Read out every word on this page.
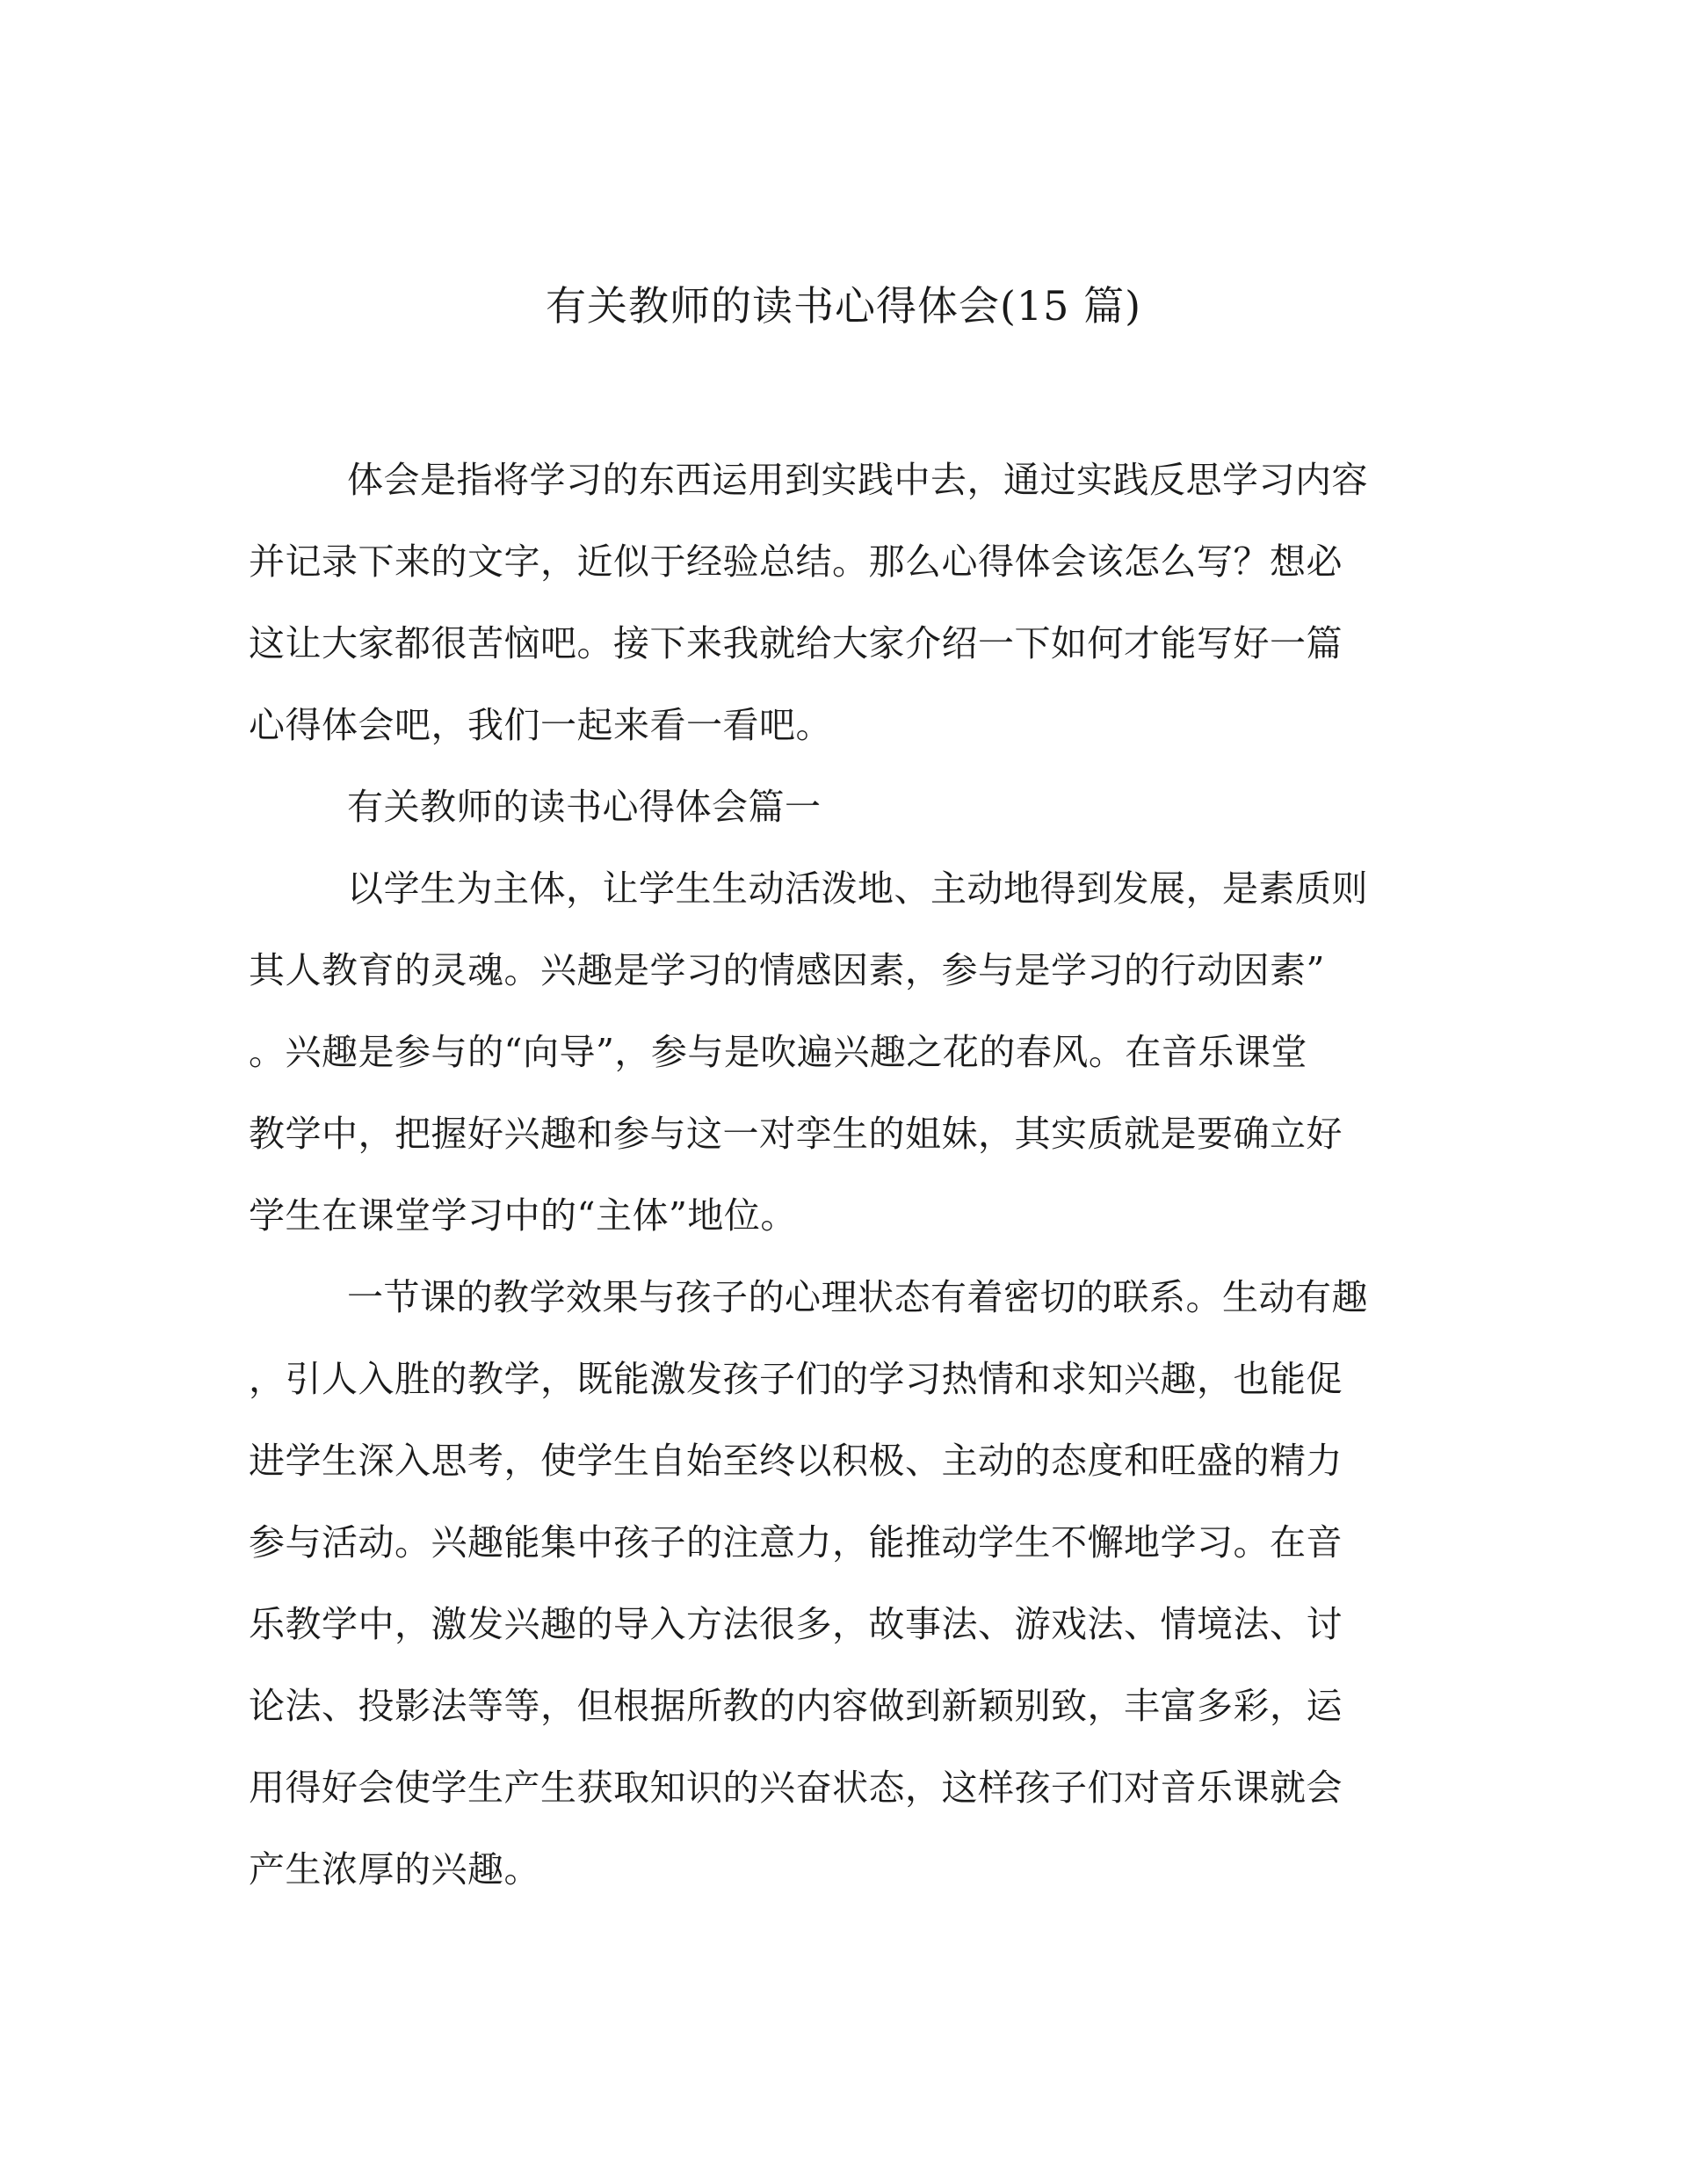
有关教师的读书心得体会(15 篇)
体会是指将学习的东西运用到实践中去，通过实践反思学习内容
并记录下来的文字，近似于经验总结。那么心得体会该怎么写？想必
这让大家都很苦恼吧。接下来我就给大家介绍一下如何才能写好一篇
心得体会吧，我们一起来看一看吧。
有关教师的读书心得体会篇一
以学生为主体，让学生生动活泼地、主动地得到发展，是素质则
其人教育的灵魂。兴趣是学习的情感因素，参与是学习的行动因素”
。兴趣是参与的“向导”，参与是吹遍兴趣之花的春风。在音乐课堂
教学中，把握好兴趣和参与这一对孪生的姐妹，其实质就是要确立好
学生在课堂学习中的“主体”地位。
一节课的教学效果与孩子的心理状态有着密切的联系。生动有趣
，引人入胜的教学，既能激发孩子们的学习热情和求知兴趣，也能促
进学生深入思考，使学生自始至终以积极、主动的态度和旺盛的精力
参与活动。兴趣能集中孩子的注意力，能推动学生不懈地学习。在音
乐教学中，激发兴趣的导入方法很多，故事法、游戏法、情境法、讨
论法、投影法等等，但根据所教的内容做到新颖别致，丰富多彩，运
用得好会使学生产生获取知识的兴奋状态，这样孩子们对音乐课就会
产生浓厚的兴趣。
